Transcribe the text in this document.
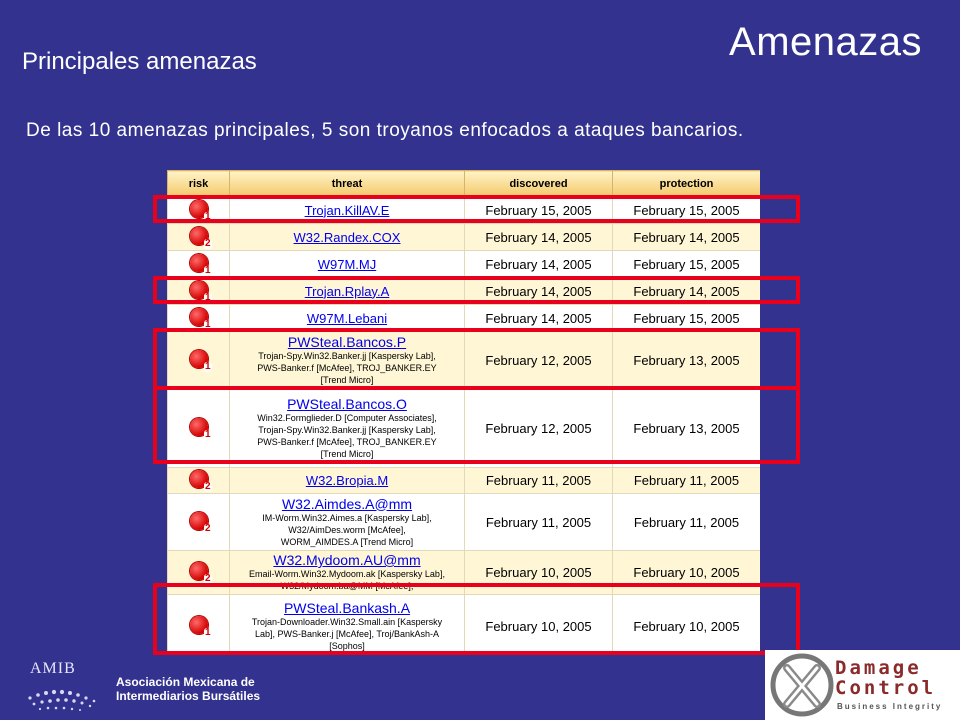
Amenazas
Principales amenazas
De las 10 amenazas principales, 5 son troyanos enfocados a ataques bancarios.
risk	threat	discovered	protection

1	Trojan.KillAV.E	February 15, 2005	February 15, 2005

2	W32.Randex.COX	February 14, 2005	February 14, 2005

1	W97M.MJ	February 14, 2005	February 15, 2005

1	Trojan.Rplay.A	February 14, 2005	February 14, 2005

1	W97M.Lebani	February 14, 2005	February 15, 2005

1	PWSteal.Bancos.P
Trojan-Spy.Win32.Banker.jj [Kaspersky Lab],
PWS-Banker.f [McAfee], TROJ_BANKER.EY
[Trend Micro]	February 12, 2005	February 13, 2005

1	PWSteal.Bancos.O
Win32.Formglieder.D [Computer Associates],
Trojan-Spy.Win32.Banker.jj [Kaspersky Lab],
PWS-Banker.f [McAfee], TROJ_BANKER.EY
[Trend Micro]	February 12, 2005	February 13, 2005

2	W32.Bropia.M	February 11, 2005	February 11, 2005

2	W32.Aimdes.A@mm
IM-Worm.Win32.Aimes.a [Kaspersky Lab],
W32/AimDes.worm [McAfee],
WORM_AIMDES.A [Trend Micro]	February 11, 2005	February 11, 2005

2	W32.Mydoom.AU@mm
Email-Worm.Win32.Mydoom.ak [Kaspersky Lab],
W32/Mydoom.ba@MM [McAfee],	February 10, 2005	February 10, 2005

1	PWSteal.Bankash.A
Trojan-Downloader.Win32.Small.ain [Kaspersky
Lab], PWS-Banker.j [McAfee], Troj/BankAsh-A
[Sophos]	February 10, 2005	February 10, 2005
AMIB
Asociación Mexicana de
Intermediarios Bursátiles
Damage
Control
Business Integrity
